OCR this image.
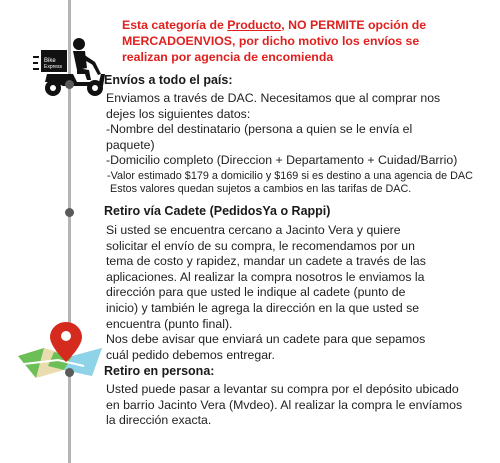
Esta categoría de Producto, NO PERMITE opción de
MERCADOENVIOS, por dicho motivo los envíos se
realizan por agencia de encomienda
Bike
Express
Envíos a todo el país:
Enviamos a través de DAC. Necesitamos que al comprar nos
dejes los siguientes datos:
-Nombre del destinatario (persona a quien se le envía el
paquete)
-Domicilio completo (Direccion + Departamento + Cuidad/Barrio)
-Valor estimado $179 a domicilio y $169 si es destino a una agencia de DAC
Estos valores quedan sujetos a cambios en las tarifas de DAC.
Retiro vía Cadete (PedidosYa o Rappi)
Si usted se encuentra cercano a Jacinto Vera y quiere
solicitar el envío de su compra, le recomendamos por un
tema de costo y rapidez, mandar un cadete a través de las
aplicaciones. Al realizar la compra nosotros le enviamos la
dirección para que usted le indique al cadete (punto de
inicio) y también le agrega la dirección en la que usted se
encuentra (punto final).
Nos debe avisar que enviará un cadete para que sepamos
cuál pedido debemos entregar.
Retiro en persona:
Usted puede pasar a levantar su compra por el depósito ubicado
en barrio Jacinto Vera (Mvdeo). Al realizar la compra le envíamos
la dirección exacta.
